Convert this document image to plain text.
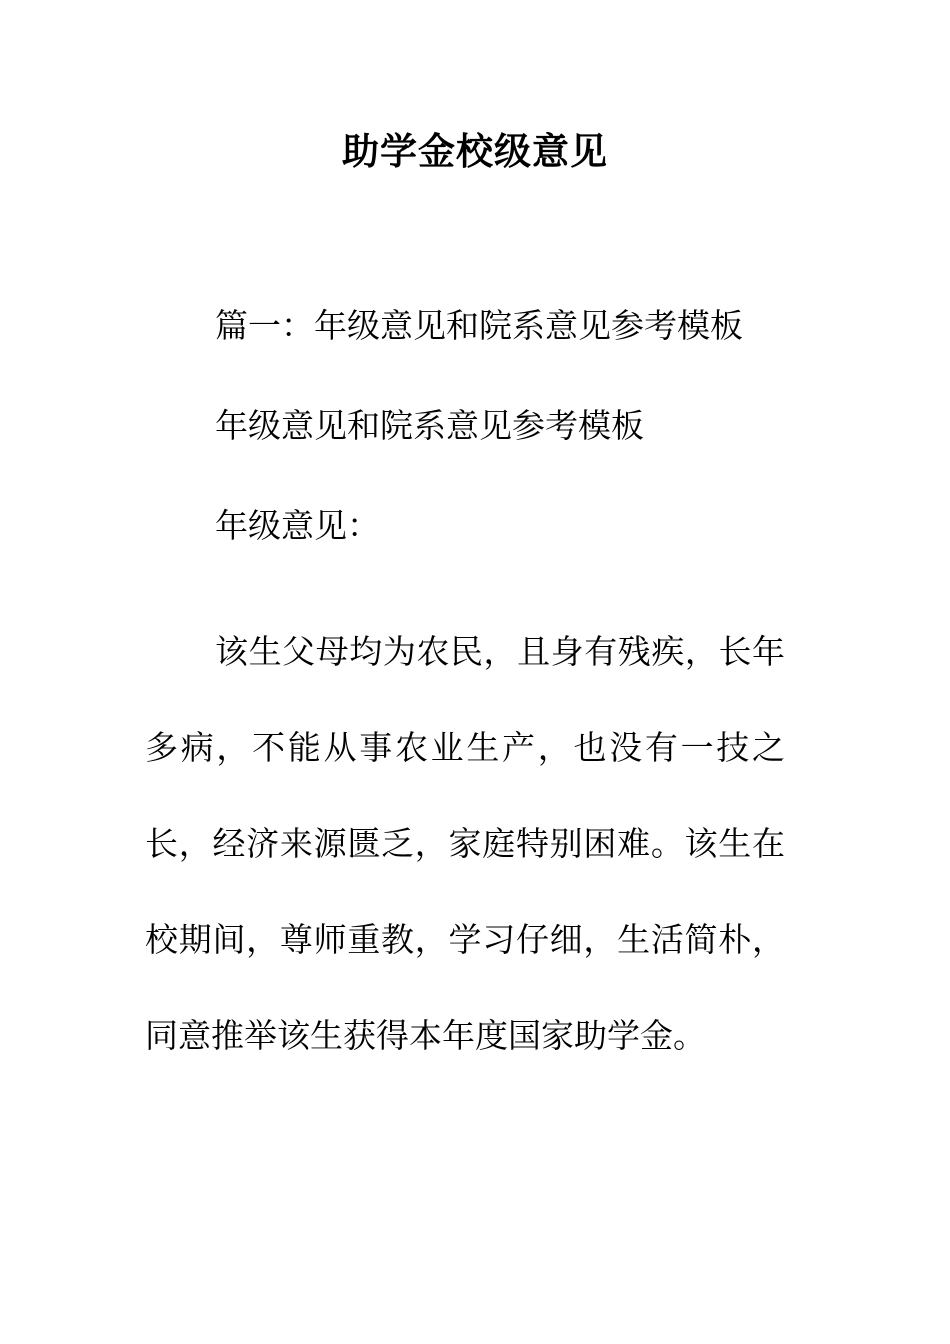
助学金校级意见
篇一：年级意见和院系意见参考模板
年级意见和院系意见参考模板
年级意见：

该生父母均为农民，且身有残疾，长年多病，不能从事农业生产，也没有一技之长，经济来源匮乏，家庭特别困难。该生在校期间，尊师重教，学习仔细，生活简朴，同意推举该生获得本年度国家助学金。
